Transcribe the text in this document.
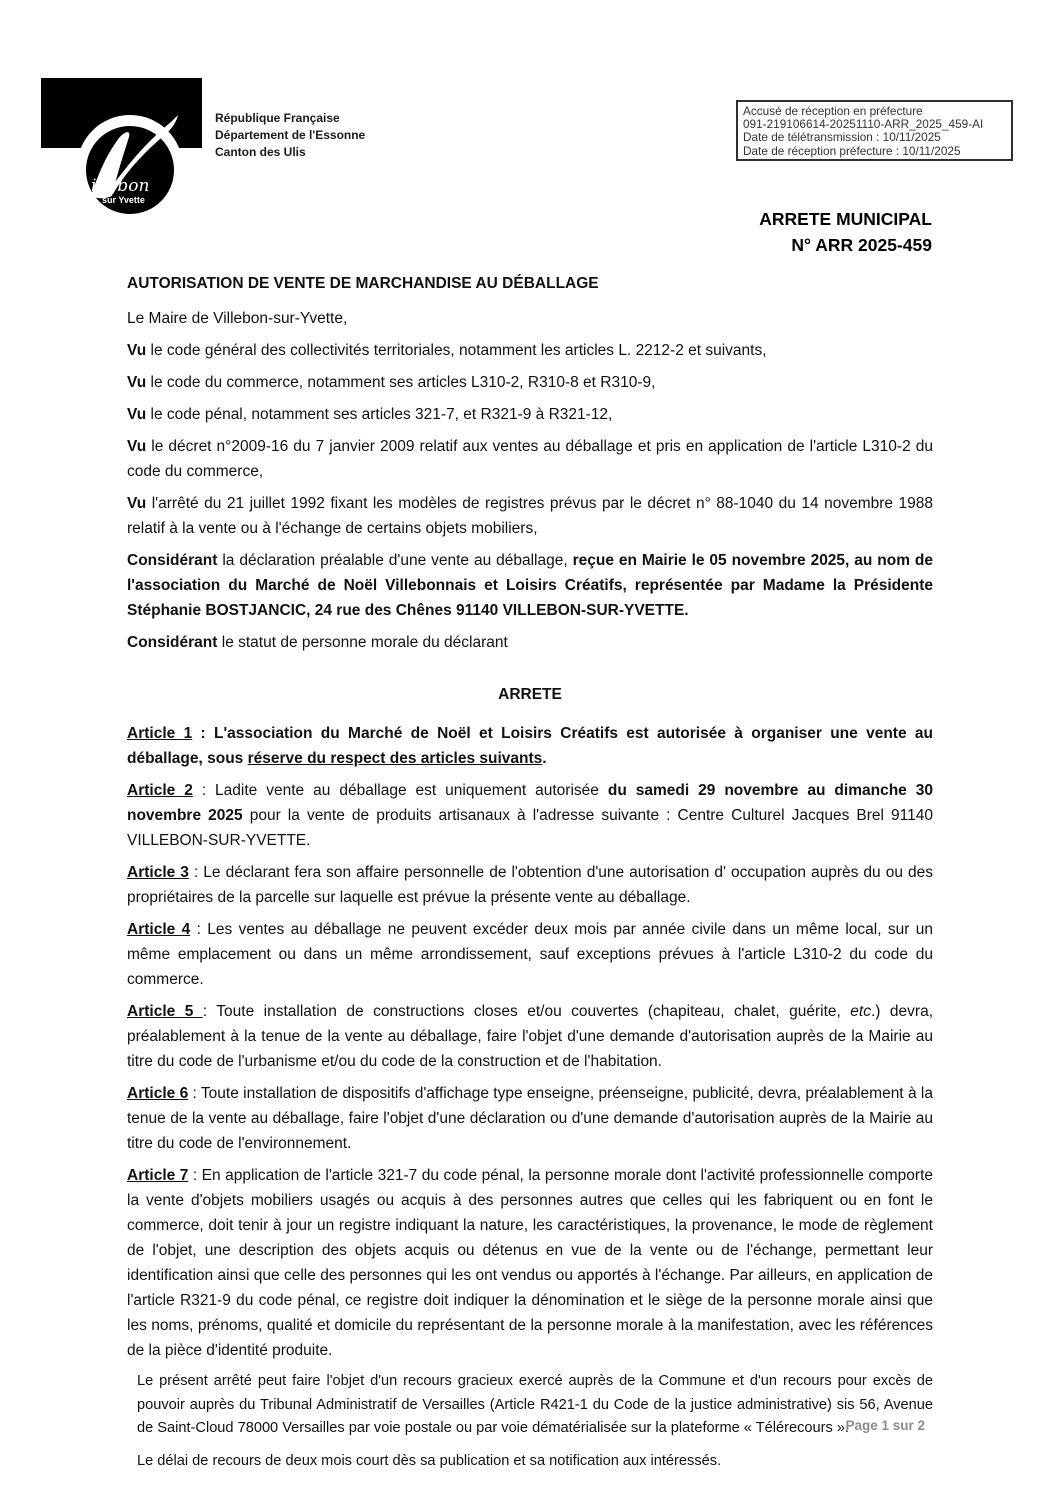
illebon
sur Yvette
République Française
Département de l'Essonne
Canton des Ulis
Accusé de réception en préfecture
091-219106614-20251110-ARR_2025_459-AI
Date de télétransmission : 10/11/2025
Date de réception préfecture : 10/11/2025
ARRETE MUNICIPAL
N° ARR 2025-459

AUTORISATION DE VENTE DE MARCHANDISE AU DÉBALLAGE

Le Maire de Villebon-sur-Yvette,

Vu le code général des collectivités territoriales, notamment les articles L. 2212-2 et suivants,

Vu le code du commerce, notamment ses articles L310-2, R310-8 et R310-9,

Vu le code pénal, notamment ses articles 321-7, et R321-9 à R321-12,

Vu le décret n°2009-16 du 7 janvier 2009 relatif aux ventes au déballage et pris en application de l'article L310-2 du code du commerce,

Vu l'arrêté du 21 juillet 1992 fixant les modèles de registres prévus par le décret n° 88-1040 du 14 novembre 1988 relatif à la vente ou à l'échange de certains objets mobiliers,

Considérant la déclaration préalable d'une vente au déballage, reçue en Mairie le 05 novembre 2025, au nom de l'association du Marché de Noël Villebonnais et Loisirs Créatifs, représentée par Madame la Présidente Stéphanie BOSTJANCIC, 24 rue des Chênes 91140 VILLEBON-SUR-YVETTE.

Considérant le statut de personne morale du déclarant

ARRETE

Article 1 : L'association du Marché de Noël et Loisirs Créatifs est autorisée à organiser une vente au déballage, sous réserve du respect des articles suivants.

Article 2 : Ladite vente au déballage est uniquement autorisée du samedi 29 novembre au dimanche 30 novembre 2025 pour la vente de produits artisanaux à l'adresse suivante : Centre Culturel Jacques Brel 91140 VILLEBON-SUR-YVETTE.

Article 3 : Le déclarant fera son affaire personnelle de l'obtention d'une autorisation d' occupation auprès du ou des propriétaires de la parcelle sur laquelle est prévue la présente vente au déballage.

Article 4 : Les ventes au déballage ne peuvent excéder deux mois par année civile dans un même local, sur un même emplacement ou dans un même arrondissement, sauf exceptions prévues à l'article L310-2 du code du commerce.

Article 5 : Toute installation de constructions closes et/ou couvertes (chapiteau, chalet, guérite, etc.) devra, préalablement à la tenue de la vente au déballage, faire l'objet d'une demande d'autorisation auprès de la Mairie au titre du code de l'urbanisme et/ou du code de la construction et de l'habitation.

Article 6 : Toute installation de dispositifs d'affichage type enseigne, préenseigne, publicité, devra, préalablement à la tenue de la vente au déballage, faire l'objet d'une déclaration ou d'une demande d'autorisation auprès de la Mairie au titre du code de l'environnement.

Article 7 : En application de l'article 321-7 du code pénal, la personne morale dont l'activité professionnelle comporte la vente d'objets mobiliers usagés ou acquis à des personnes autres que celles qui les fabriquent ou en font le commerce, doit tenir à jour un registre indiquant la nature, les caractéristiques, la provenance, le mode de règlement de l'objet, une description des objets acquis ou détenus en vue de la vente ou de l'échange, permettant leur identification ainsi que celle des personnes qui les ont vendus ou apportés à l'échange. Par ailleurs, en application de l'article R321-9 du code pénal, ce registre doit indiquer la dénomination et le siège de la personne morale ainsi que les noms, prénoms, qualité et domicile du représentant de la personne morale à la manifestation, avec les références de la pièce d'identité produite.

Le présent arrêté peut faire l'objet d'un recours gracieux exercé auprès de la Commune et d'un recours pour excès de pouvoir auprès du Tribunal Administratif de Versailles (Article R421-1 du Code de la justice administrative) sis 56, Avenue de Saint-Cloud 78000 Versailles par voie postale ou par voie dématérialisée sur la plateforme « Télérecours ».

Le délai de recours de deux mois court dès sa publication et sa notification aux intéressés.

Page 1 sur 2
